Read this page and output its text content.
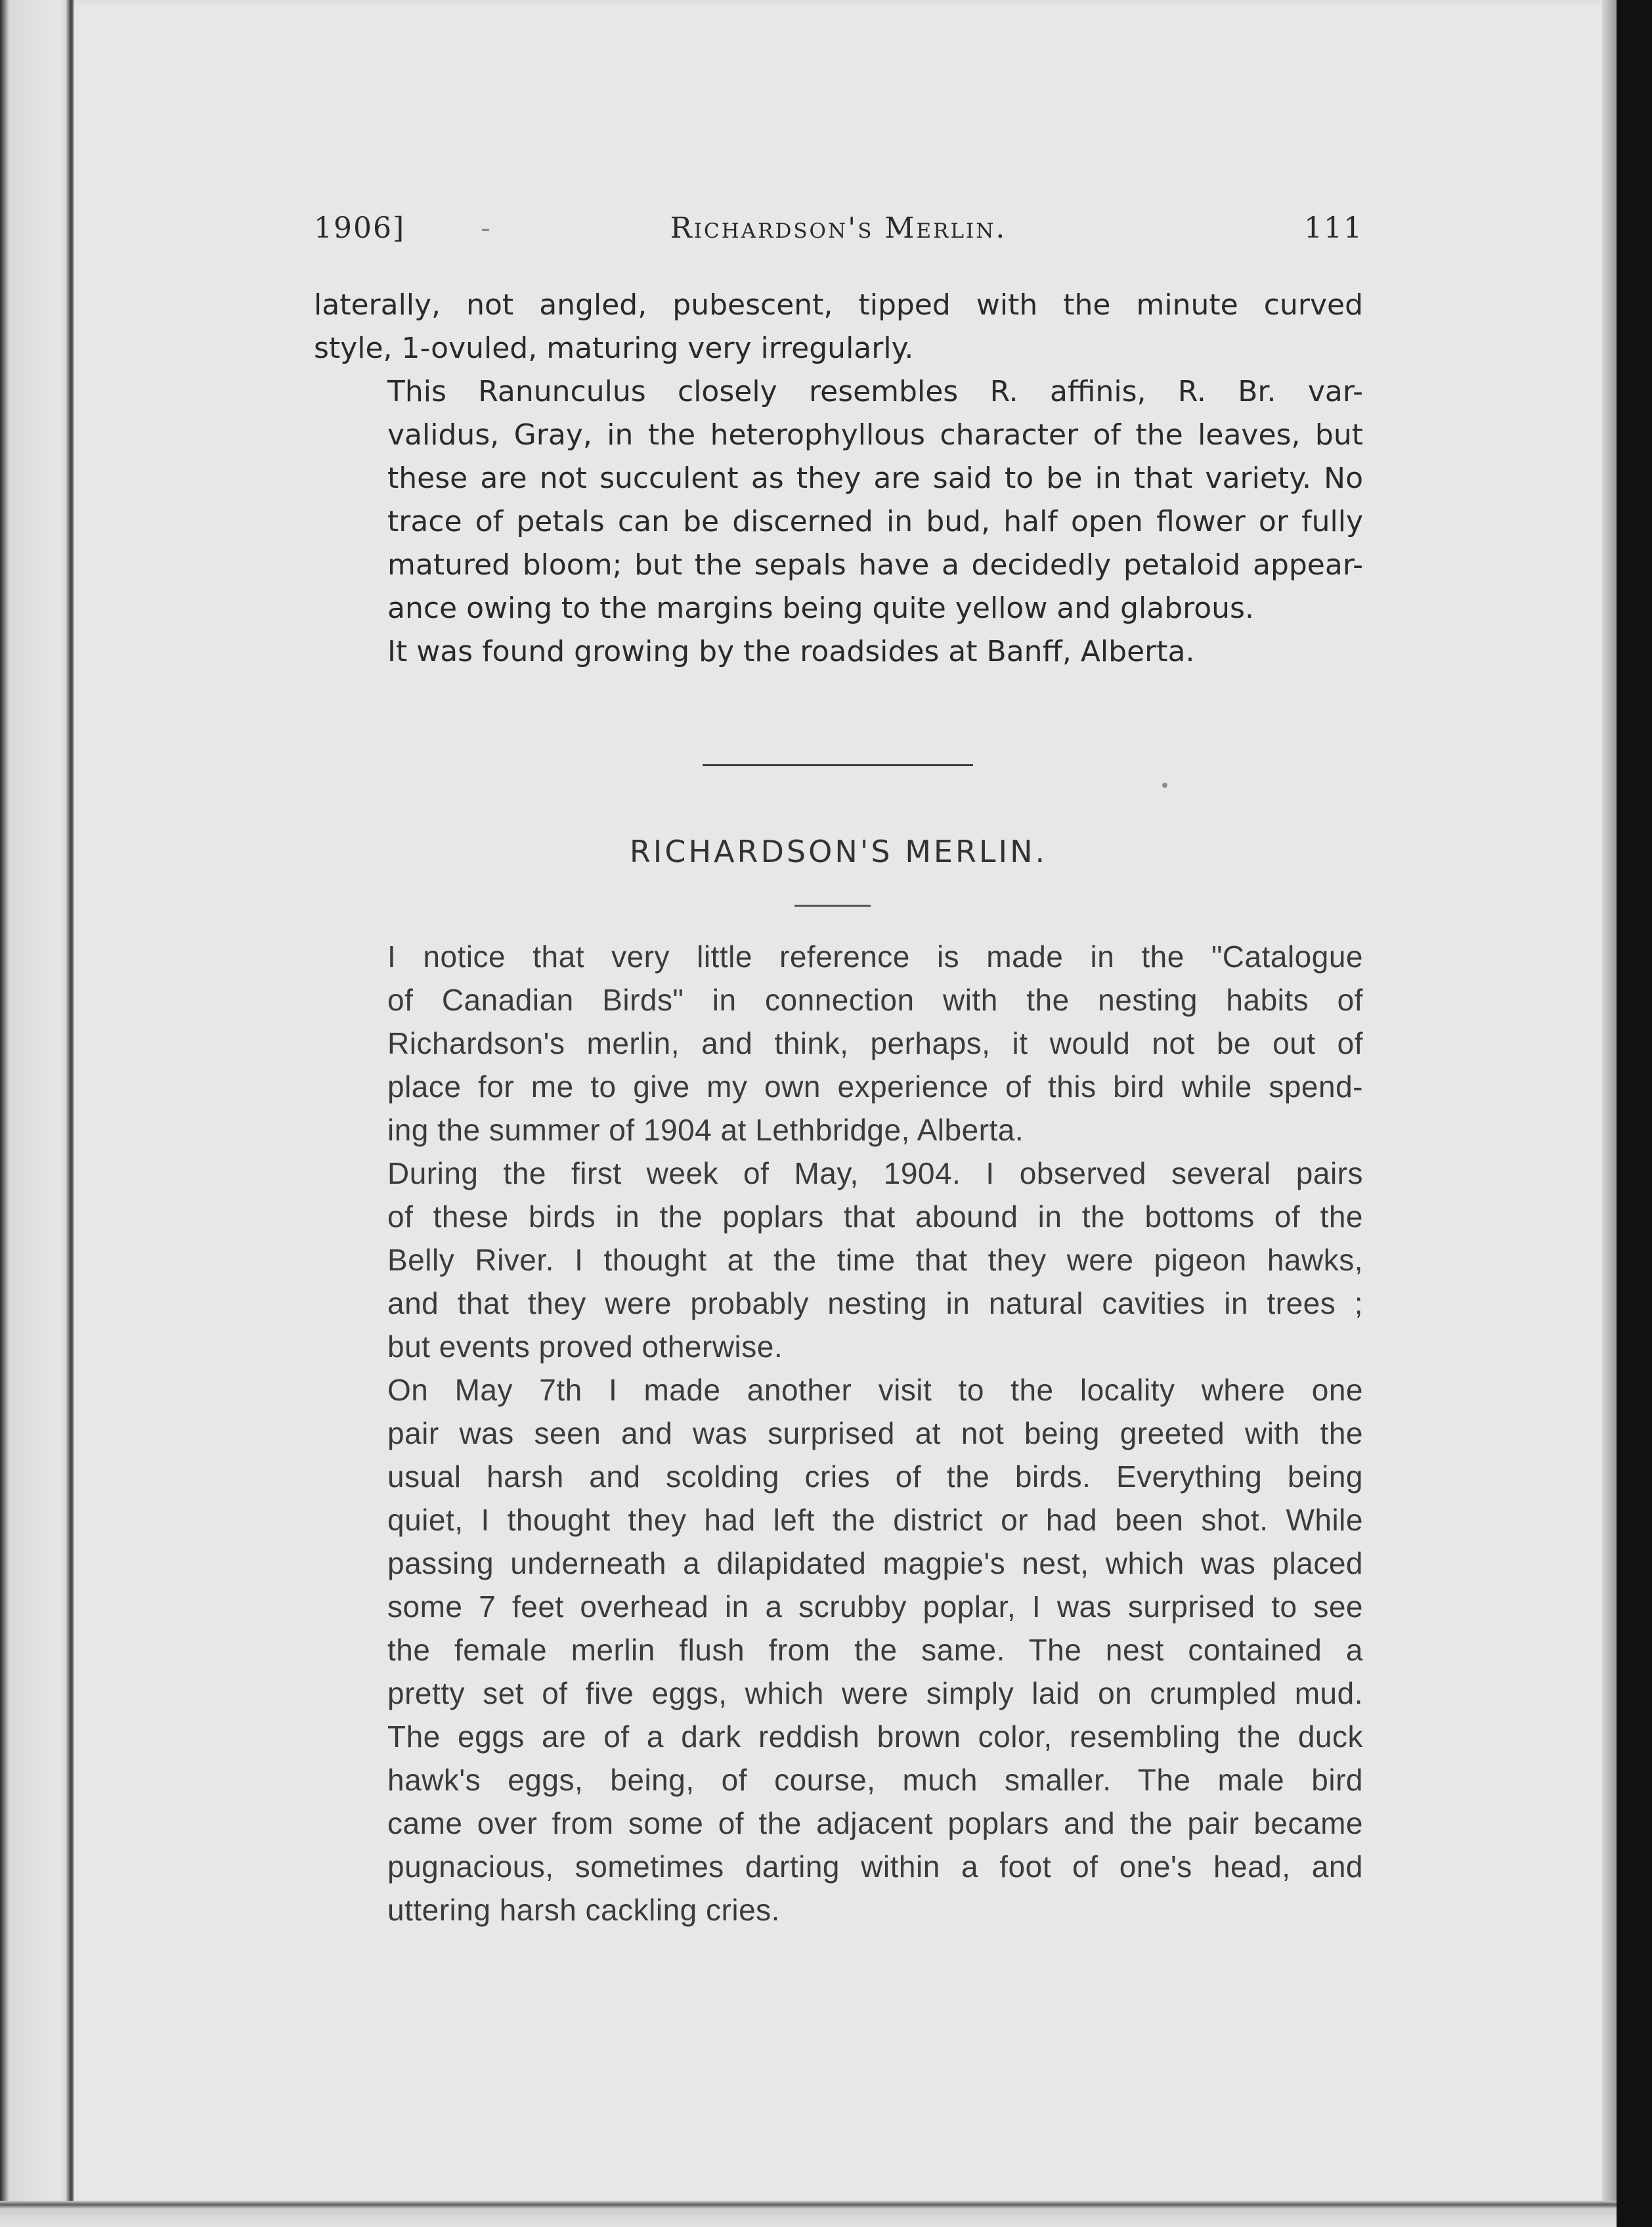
1906]	-	Richardson's Merlin.	111

laterally, not angled, pubescent, tipped with the minute curved
style, 1-ovuled, maturing very irregularly.

This Ranunculus closely resembles R. affinis, R. Br. var-
validus, Gray, in the heterophyllous character of the leaves, but
these are not succulent as they are said to be in that variety. No
trace of petals can be discerned in bud, half open flower or fully
matured bloom; but the sepals have a decidedly petaloid appear-
ance owing to the margins being quite yellow and glabrous.

It was found growing by the roadsides at Banff, Alberta.

RICHARDSON'S MERLIN.

I notice that very little reference is made in the "Catalogue
of Canadian Birds" in connection with the nesting habits of
Richardson's merlin, and think, perhaps, it would not be out of
place for me to give my own experience of this bird while spend-
ing the summer of 1904 at Lethbridge, Alberta.

During the first week of May, 1904. I observed several pairs
of these birds in the poplars that abound in the bottoms of the
Belly River. I thought at the time that they were pigeon hawks,
and that they were probably nesting in natural cavities in trees ;
but events proved otherwise.

On May 7th I made another visit to the locality where one
pair was seen and was surprised at not being greeted with the
usual harsh and scolding cries of the birds. Everything being
quiet, I thought they had left the district or had been shot. While
passing underneath a dilapidated magpie's nest, which was placed
some 7 feet overhead in a scrubby poplar, I was surprised to see
the female merlin flush from the same. The nest contained a
pretty set of five eggs, which were simply laid on crumpled mud.
The eggs are of a dark reddish brown color, resembling the duck
hawk's eggs, being, of course, much smaller. The male bird
came over from some of the adjacent poplars and the pair became
pugnacious, sometimes darting within a foot of one's head, and
uttering harsh cackling cries.
